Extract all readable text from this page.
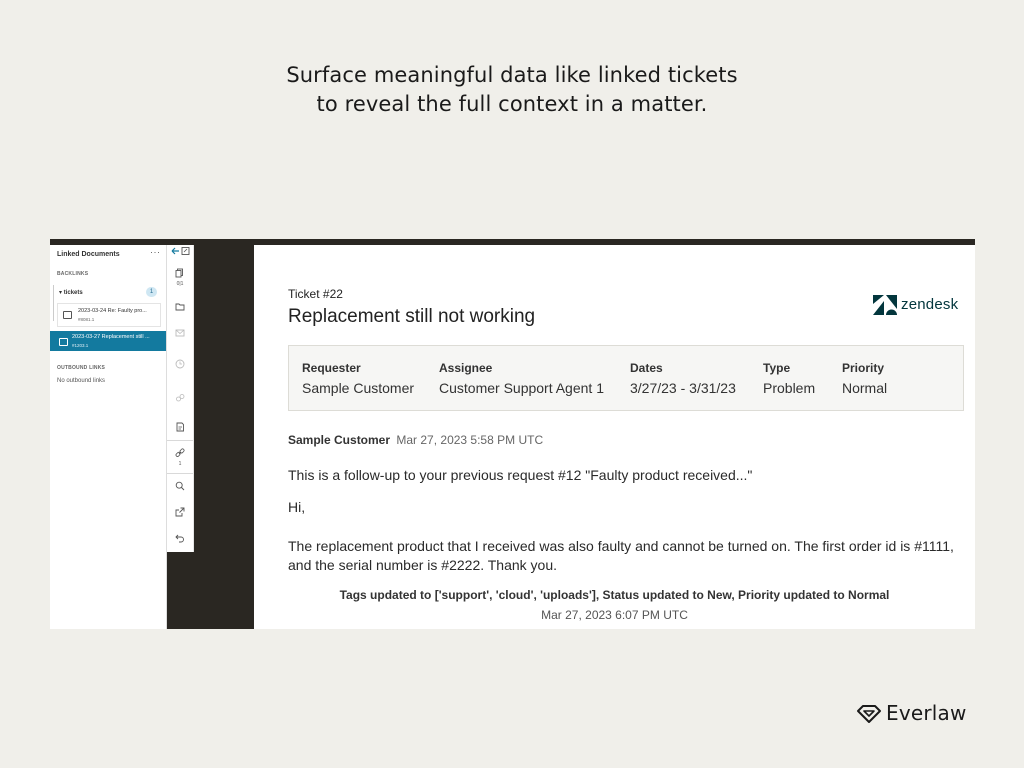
Surface meaningful data like linked tickets
to reveal the full context in a matter.
Linked Documents	···
BACKLINKS
▾ tickets	1
2023-03-24 Re: Faulty pro...
#8081.1
2023-03-27 Replacement still ...
#1203.1
OUTBOUND LINKS
No outbound links
0|1
1
Ticket #22
Replacement still not working
zendesk
Requester
Sample Customer
Assignee
Customer Support Agent 1
Dates
3/27/23 - 3/31/23
Type
Problem
Priority
Normal
Sample Customer Mar 27, 2023 5:58 PM UTC
This is a follow-up to your previous request #12 "Faulty product received..."
Hi,
The replacement product that I received was also faulty and cannot be turned on. The first order id is #1111, and the serial number is #2222. Thank you.
Tags updated to ['support', 'cloud', 'uploads'], Status updated to New, Priority updated to Normal
Mar 27, 2023 6:07 PM UTC
Everlaw
